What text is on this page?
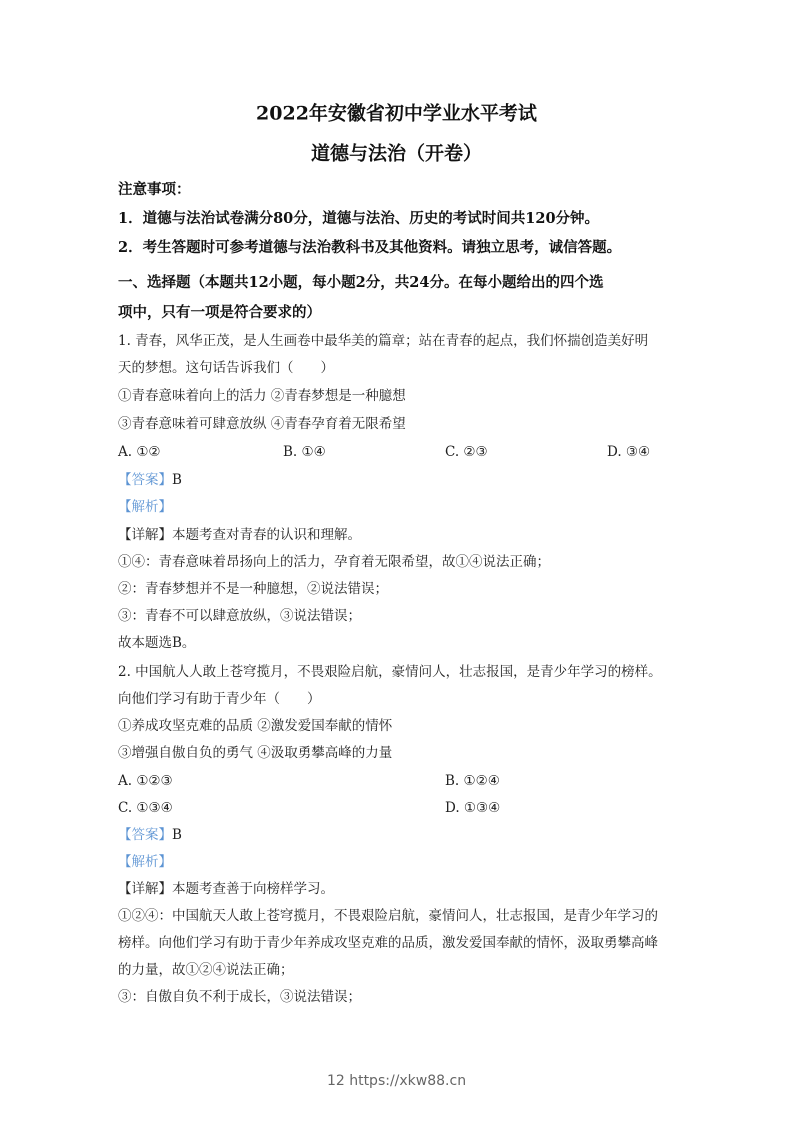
2022年安徽省初中学业水平考试
道德与法治（开卷）
注意事项：
1．道德与法治试卷满分80分，道德与法治、历史的考试时间共120分钟。
2．考生答题时可参考道德与法治教科书及其他资料。请独立思考，诚信答题。
一、选择题（本题共12小题，每小题2分，共24分。在每小题给出的四个选
项中，只有一项是符合要求的）
1. 青春，风华正茂，是人生画卷中最华美的篇章；站在青春的起点，我们怀揣创造美好明
天的梦想。这句话告诉我们（　　）
①青春意味着向上的活力 ②青春梦想是一种臆想
③青春意味着可肆意放纵 ④青春孕育着无限希望
A. ①②	B. ①④	C. ②③	D. ③④
【答案】B
【解析】
【详解】本题考查对青春的认识和理解。
①④：青春意味着昂扬向上的活力，孕育着无限希望，故①④说法正确；
②：青春梦想并不是一种臆想，②说法错误；
③：青春不可以肆意放纵，③说法错误；
故本题选B。
2. 中国航人人敢上苍穹揽月，不畏艰险启航，豪情问人，壮志报国，是青少年学习的榜样。
向他们学习有助于青少年（　　）
①养成攻坚克难的品质 ②激发爱国奉献的情怀
③增强自傲自负的勇气 ④汲取勇攀高峰的力量
A. ①②③	B. ①②④
C. ①③④	D. ①③④
【答案】B
【解析】
【详解】本题考查善于向榜样学习。
①②④：中国航天人敢上苍穹揽月，不畏艰险启航，豪情问人，壮志报国，是青少年学习的
榜样。向他们学习有助于青少年养成攻坚克难的品质，激发爱国奉献的情怀，汲取勇攀高峰
的力量，故①②④说法正确；
③：自傲自负不利于成长，③说法错误；
12 https://xkw88.cn
